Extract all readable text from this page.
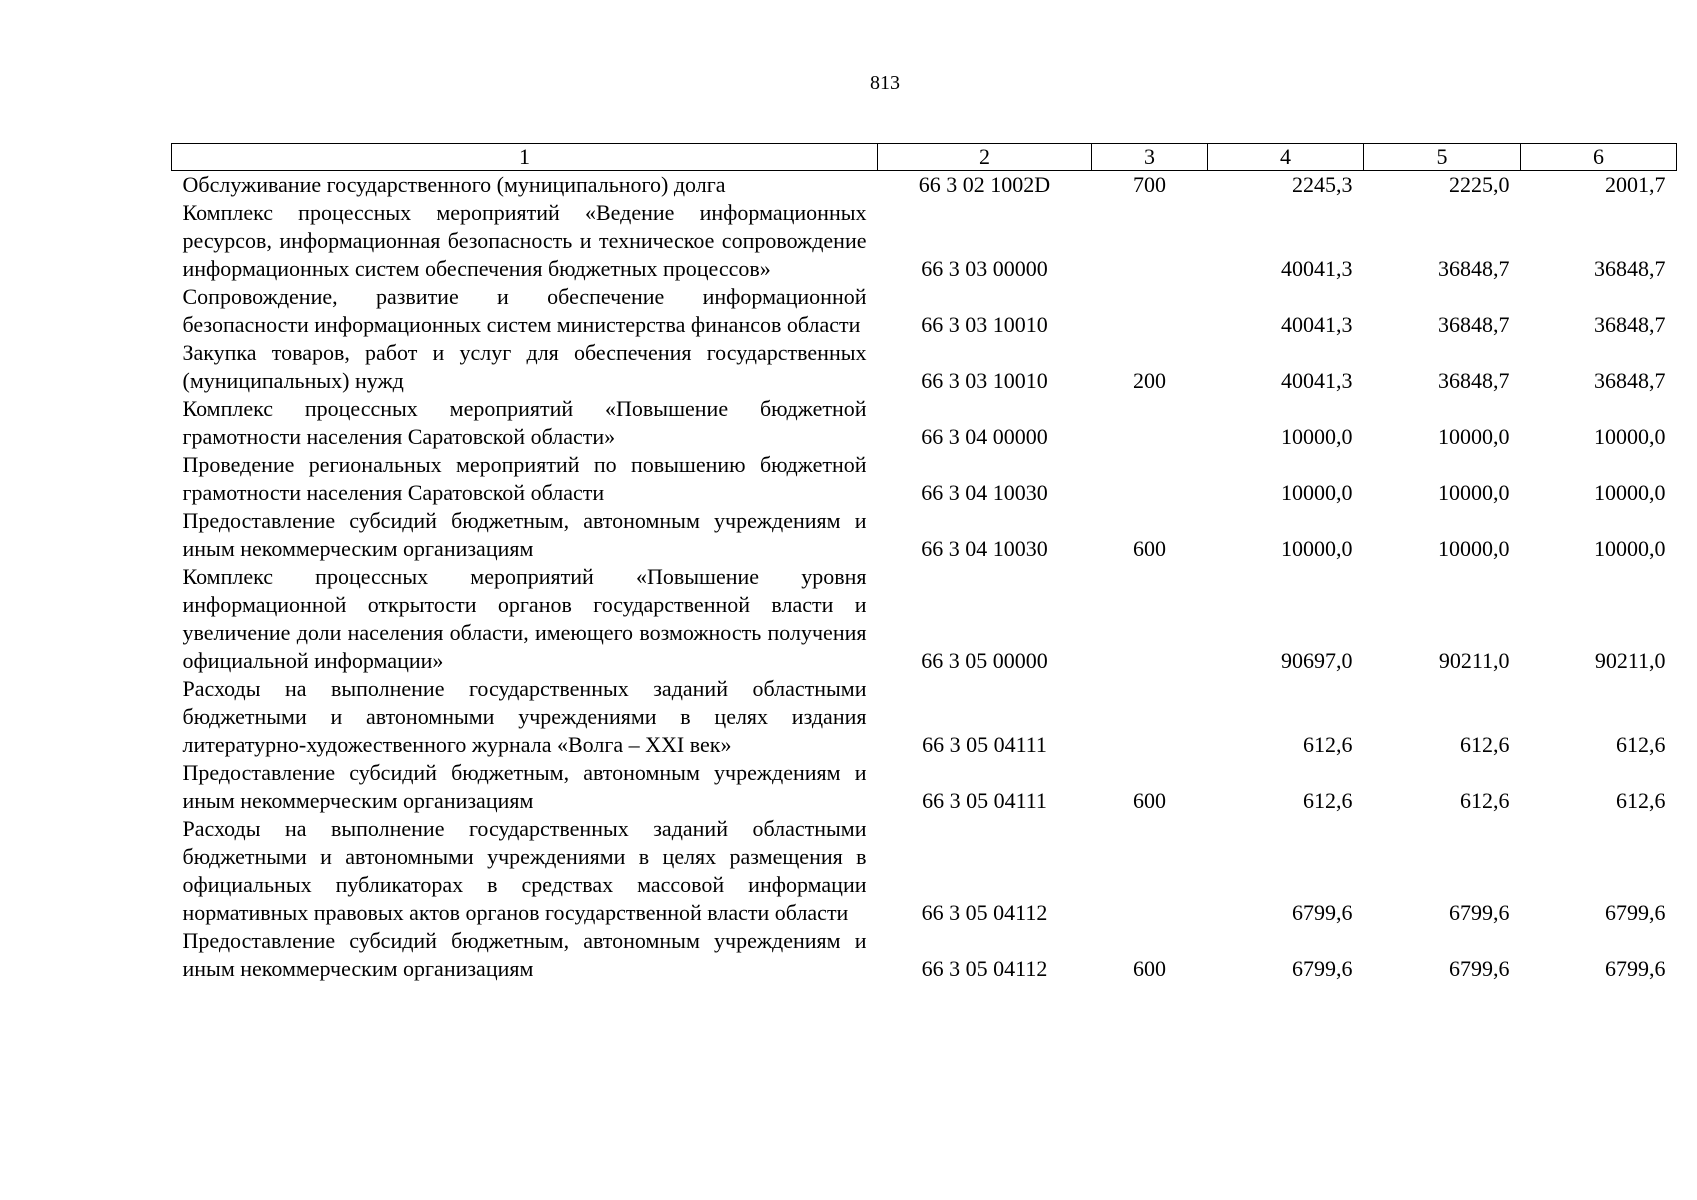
813
1	2	3	4	5	6
Обслуживание государственного (муниципального) долга	66 3 02 1002D	700	2245,3	2225,0	2001,7
Комплекс процессных мероприятий «Ведение информационных ресурсов, информационная безопасность и техническое сопровождение информационных систем обеспечения бюджетных процессов»	66 3 03 00000		40041,3	36848,7	36848,7
Сопровождение, развитие и обеспечение информационной безопасности информационных систем министерства финансов области	66 3 03 10010		40041,3	36848,7	36848,7
Закупка товаров, работ и услуг для обеспечения государственных (муниципальных) нужд	66 3 03 10010	200	40041,3	36848,7	36848,7
Комплекс процессных мероприятий «Повышение бюджетной грамотности населения Саратовской области»	66 3 04 00000		10000,0	10000,0	10000,0
Проведение региональных мероприятий по повышению бюджетной грамотности населения Саратовской области	66 3 04 10030		10000,0	10000,0	10000,0
Предоставление субсидий бюджетным, автономным учреждениям и иным некоммерческим организациям	66 3 04 10030	600	10000,0	10000,0	10000,0
Комплекс процессных мероприятий «Повышение уровня информационной открытости органов государственной власти и увеличение доли населения области, имеющего возможность получения официальной информации»	66 3 05 00000		90697,0	90211,0	90211,0
Расходы на выполнение государственных заданий областными бюджетными и автономными учреждениями в целях издания литературно-художественного журнала «Волга – XXI век»	66 3 05 04111		612,6	612,6	612,6
Предоставление субсидий бюджетным, автономным учреждениям и иным некоммерческим организациям	66 3 05 04111	600	612,6	612,6	612,6
Расходы на выполнение государственных заданий областными бюджетными и автономными учреждениями в целях размещения в официальных публикаторах в средствах массовой информации нормативных правовых актов органов государственной власти области	66 3 05 04112		6799,6	6799,6	6799,6
Предоставление субсидий бюджетным, автономным учреждениям и иным некоммерческим организациям	66 3 05 04112	600	6799,6	6799,6	6799,6
